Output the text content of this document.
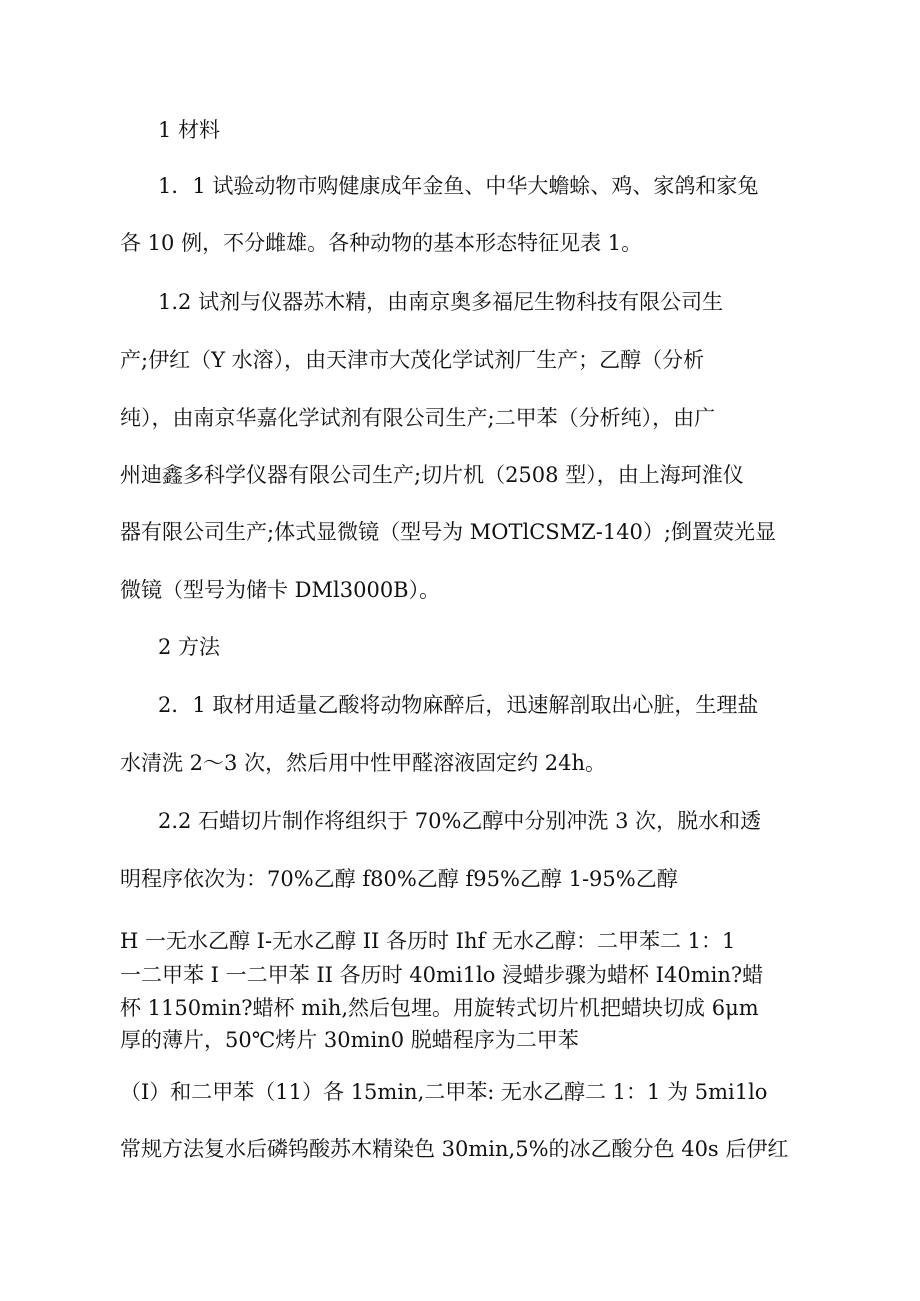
1 材料
1．1 试验动物市购健康成年金鱼、中华大蟾蜍、鸡、家鸽和家兔
各 10 例，不分雌雄。各种动物的基本形态特征见表 1。
1.2 试剂与仪器苏木精，由南京奥多福尼生物科技有限公司生
产;伊红（Y 水溶），由天津市大茂化学试剂厂生产；乙醇（分析
纯），由南京华嘉化学试剂有限公司生产;二甲苯（分析纯），由广
州迪鑫多科学仪器有限公司生产;切片机（2508 型），由上海珂淮仪
器有限公司生产;体式显微镜（型号为 MOTlCSMZ-140）;倒置荧光显
微镜（型号为储卡 DMl3000B）。
2 方法
2．1 取材用适量乙酸将动物麻醉后，迅速解剖取出心脏，生理盐
水清洗 2～3 次，然后用中性甲醛溶液固定约 24h。
2.2 石蜡切片制作将组织于 70%乙醇中分别冲洗 3 次，脱水和透
明程序依次为：70%乙醇 f80%乙醇 f95%乙醇 1-95%乙醇
H 一无水乙醇 I-无水乙醇 II 各历时 Ihf 无水乙醇：二甲苯二 1：1
一二甲苯 I 一二甲苯 II 各历时 40mi1lo 浸蜡步骤为蜡杯 I40min?蜡
杯 1150min?蜡杯 mih,然后包埋。用旋转式切片机把蜡块切成 6μm
厚的薄片，50℃烤片 30min0 脱蜡程序为二甲苯
（I）和二甲苯（11）各 15min,二甲苯: 无水乙醇二 1：1 为 5mi1lo
常规方法复水后磷钨酸苏木精染色 30min,5%的冰乙酸分色 40s 后伊红
